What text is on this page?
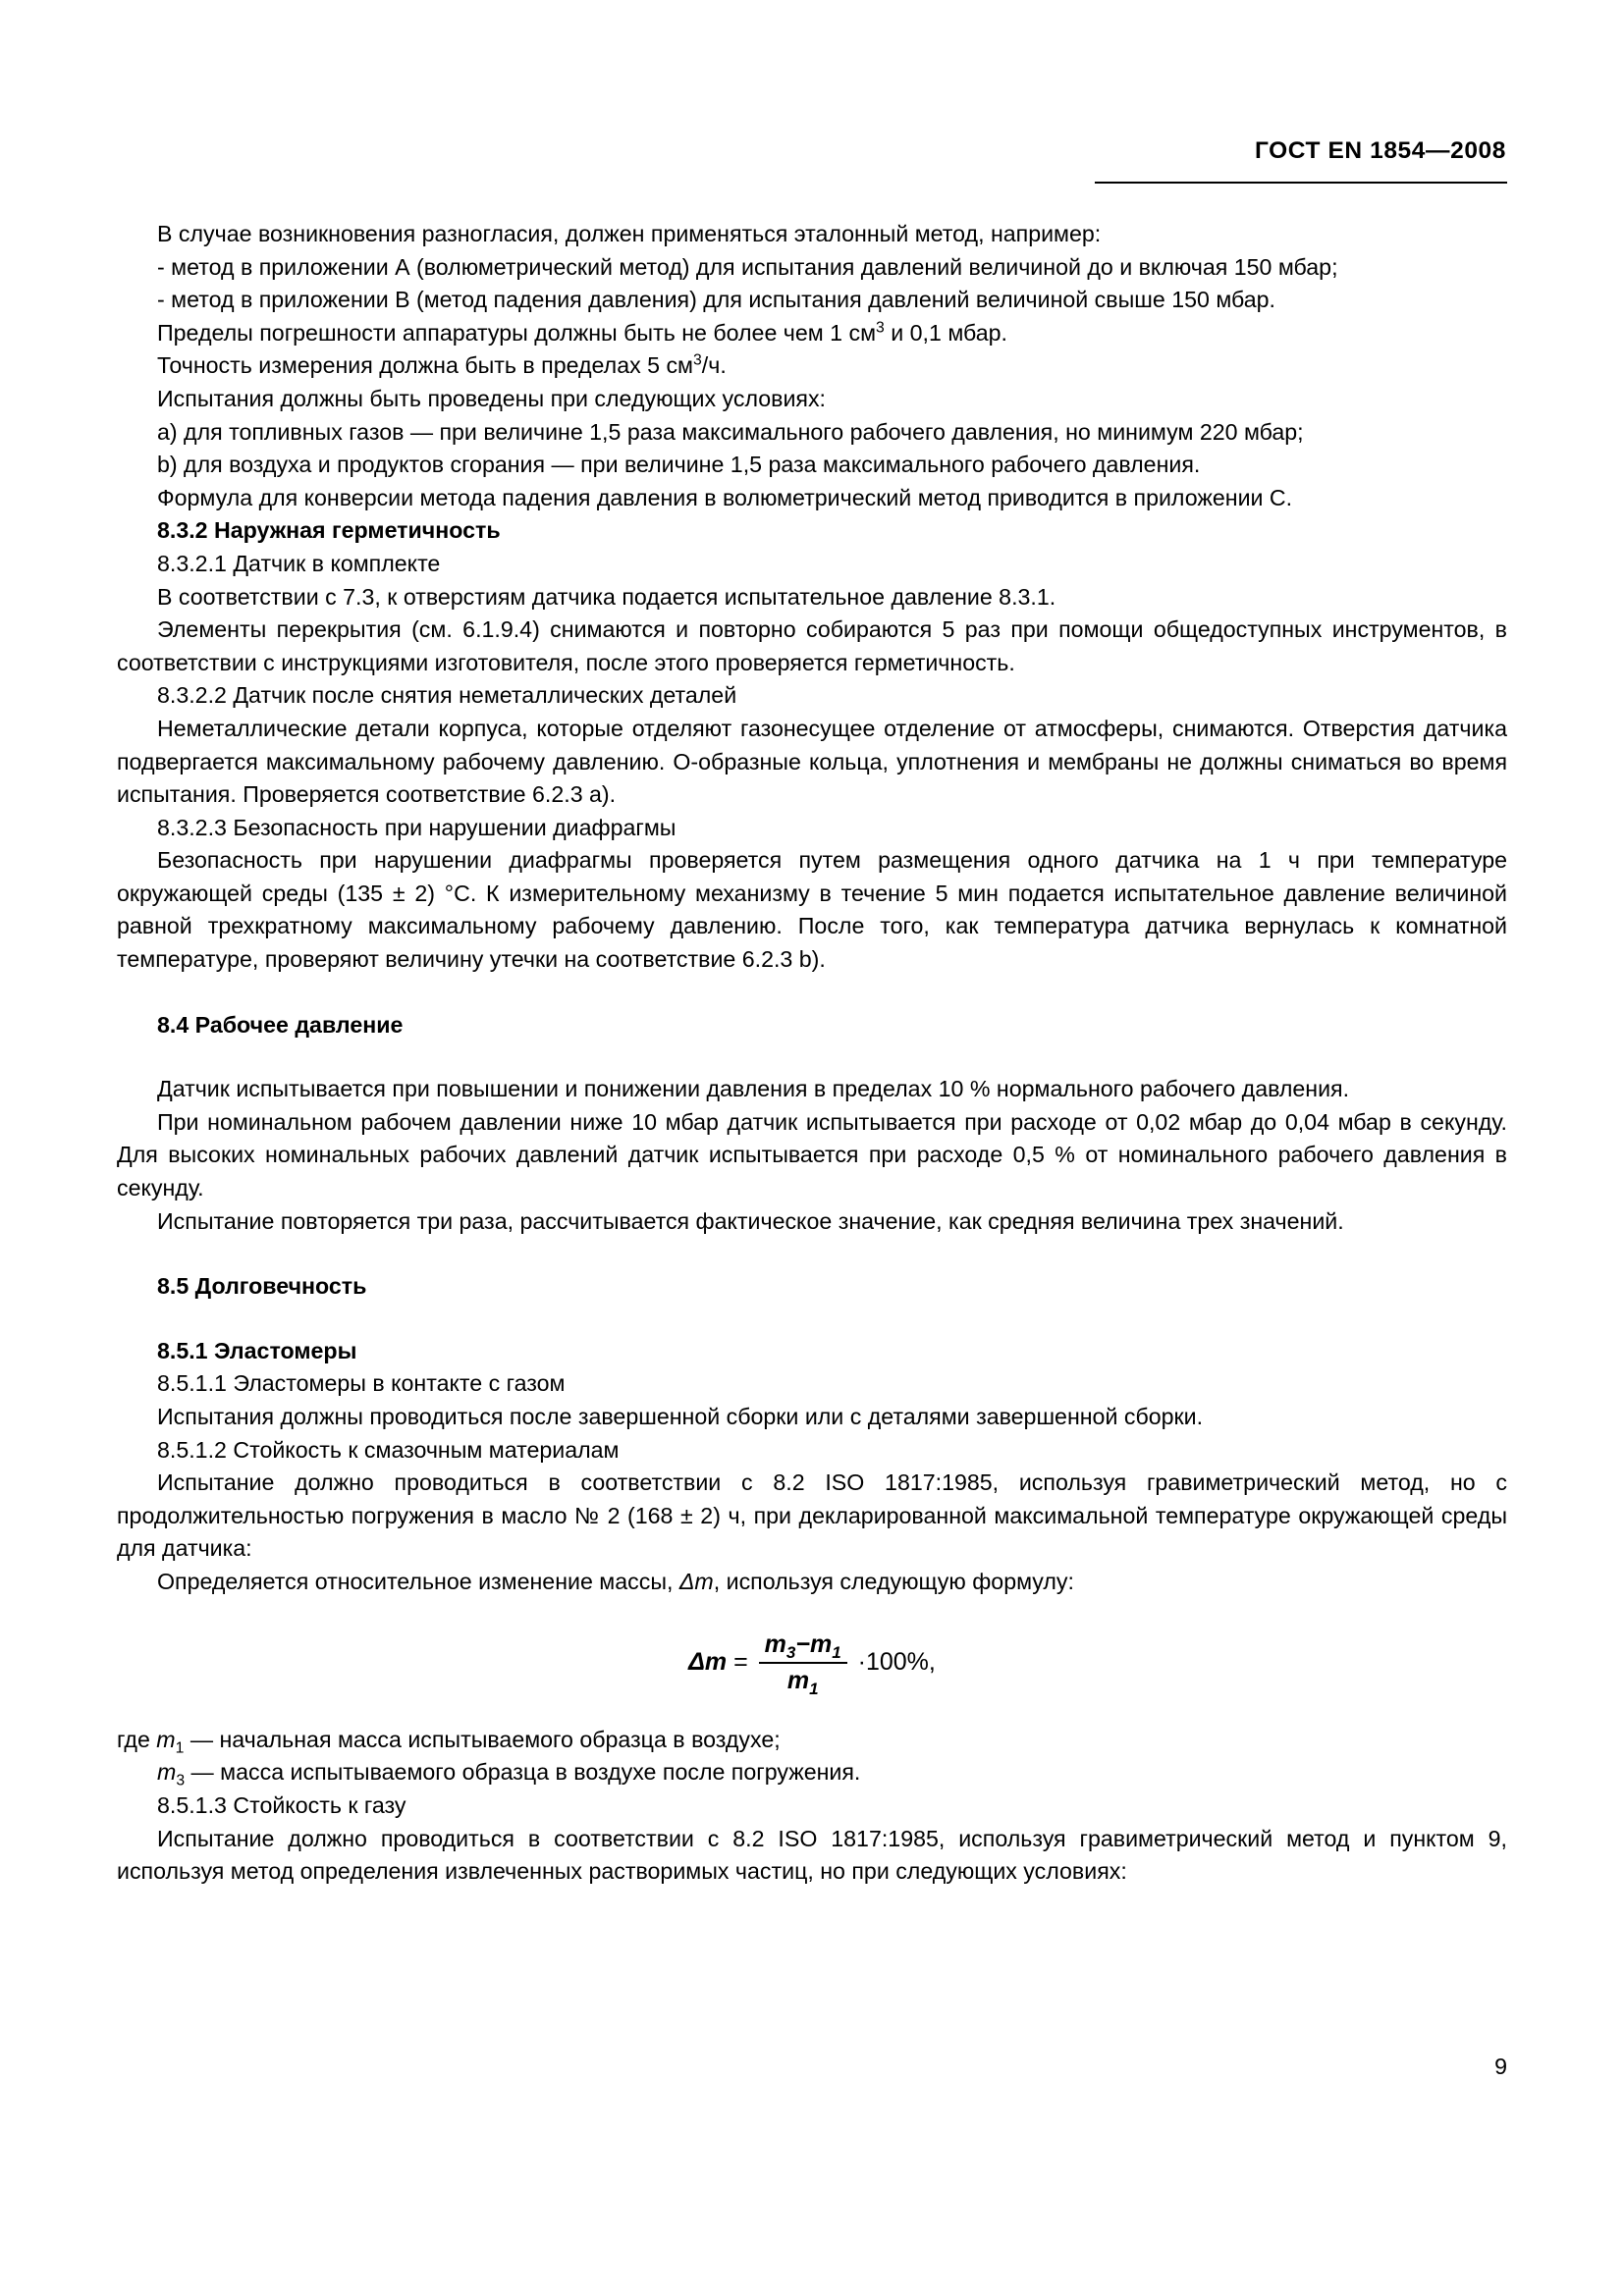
ГОСТ EN 1854—2008

В случае возникновения разногласия, должен применяться эталонный метод, например:

- метод в приложении А (волюметрический метод) для испытания давлений величиной до и включая 150 мбар;

- метод в приложении В (метод падения давления) для испытания давлений величиной свыше 150 мбар.

Пределы погрешности аппаратуры должны быть не более чем 1 $см^3$ и 0,1 мбар.

Точность измерения должна быть в пределах 5 $см^3/ч$.

Испытания должны быть проведены при следующих условиях:

а) для топливных газов — при величине 1,5 раза максимального рабочего давления, но минимум 220 мбар;

b) для воздуха и продуктов сгорания — при величине 1,5 раза максимального рабочего давления.

Формула для конверсии метода падения давления в волюметрический метод приводится в приложении С.

8.3.2 Наружная герметичность

8.3.2.1 Датчик в комплекте

В соответствии с 7.3, к отверстиям датчика подается испытательное давление 8.3.1.

Элементы перекрытия (см. 6.1.9.4) снимаются и повторно собираются 5 раз при помощи общедоступных инструментов, в соответствии с инструкциями изготовителя, после этого проверяется герметичность.

8.3.2.2 Датчик после снятия неметаллических деталей

Неметаллические детали корпуса, которые отделяют газонесущее отделение от атмосферы, снимаются. Отверстия датчика подвергается максимальному рабочему давлению. О-образные кольца, уплотнения и мембраны не должны сниматься во время испытания. Проверяется соответствие 6.2.3 а).

8.3.2.3 Безопасность при нарушении диафрагмы

Безопасность при нарушении диафрагмы проверяется путем размещения одного датчика на 1 ч при температуре окружающей среды (135 ± 2) °С. К измерительному механизму в течение 5 мин подается испытательное давление величиной равной трехкратному максимальному рабочему давлению. После того, как температура датчика вернулась к комнатной температуре, проверяют величину утечки на соответствие 6.2.3 b).

8.4 Рабочее давление

Датчик испытывается при повышении и понижении давления в пределах 10 % нормального рабочего давления.

При номинальном рабочем давлении ниже 10 мбар датчик испытывается при расходе от 0,02 мбар до 0,04 мбар в секунду. Для высоких номинальных рабочих давлений датчик испытывается при расходе 0,5 % от номинального рабочего давления в секунду.

Испытание повторяется три раза, рассчитывается фактическое значение, как средняя величина трех значений.

8.5 Долговечность

8.5.1 Эластомеры

8.5.1.1 Эластомеры в контакте с газом

Испытания должны проводиться после завершенной сборки или с деталями завершенной сборки.

8.5.1.2 Стойкость к смазочным материалам

Испытание должно проводиться в соответствии с 8.2 ISO 1817:1985, используя гравиметрический метод, но с продолжительностью погружения в масло № 2 (168 ± 2) ч, при декларированной максимальной температуре окружающей среды для датчика:

Определяется относительное изменение массы, Δm, используя следующую формулу:

$\Delta m = \frac{m_3-m_1}{m_1} \cdot 100\%$,

где $m_1$ — начальная масса испытываемого образца в воздухе;

$m_3$ — масса испытываемого образца в воздухе после погружения.

8.5.1.3 Стойкость к газу

Испытание должно проводиться в соответствии с 8.2 ISO 1817:1985, используя гравиметрический метод и пунктом 9, используя метод определения извлеченных растворимых частиц, но при следующих условиях:

9
